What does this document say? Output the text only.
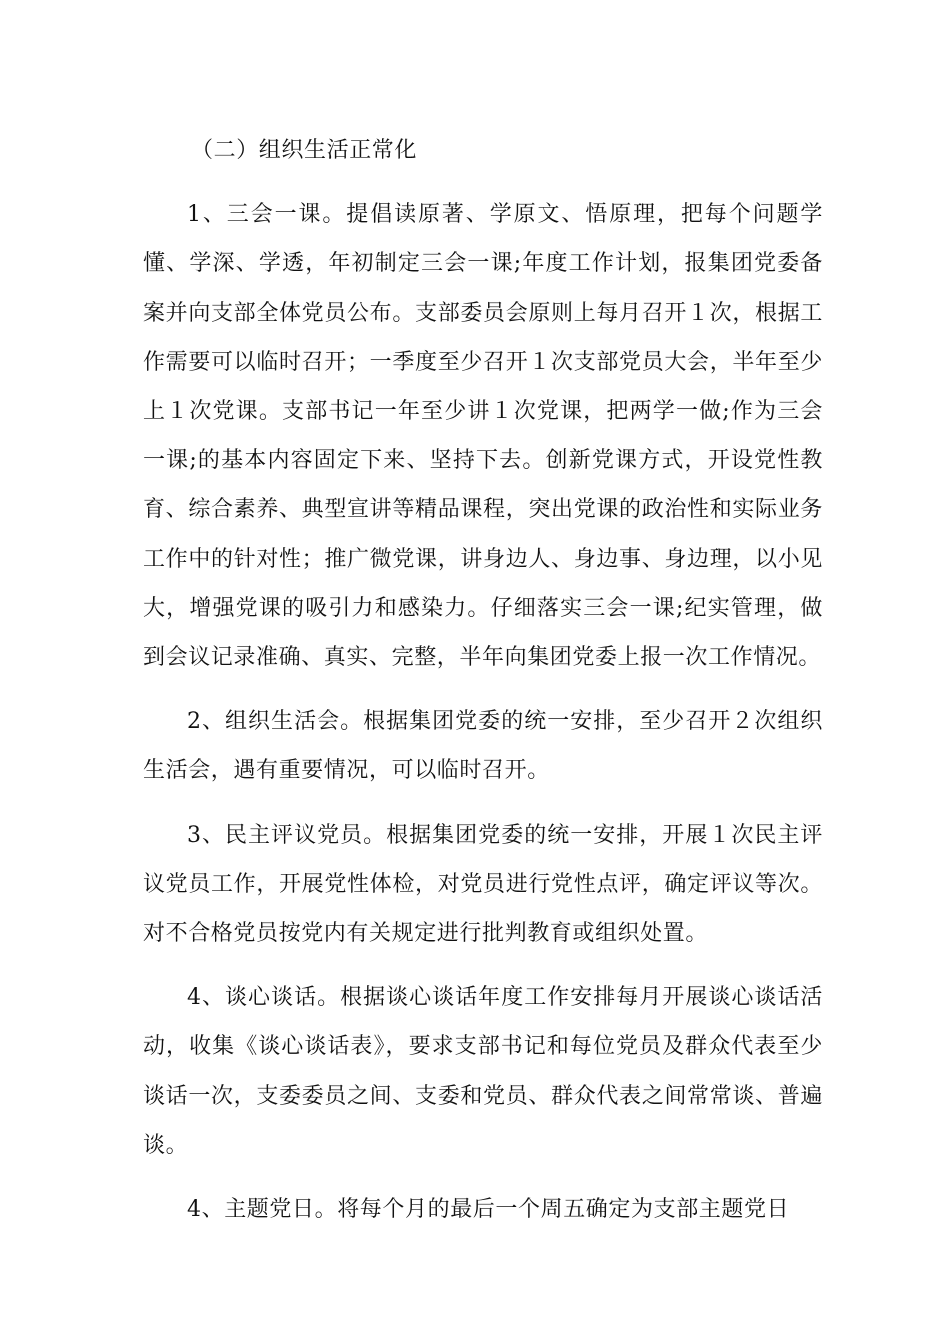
（二）组织生活正常化

1、三会一课。提倡读原著、学原文、悟原理，把每个问题学懂、学深、学透，年初制定三会一课;年度工作计划，报集团党委备案并向支部全体党员公布。支部委员会原则上每月召开１次，根据工作需要可以临时召开；一季度至少召开１次支部党员大会，半年至少上１次党课。支部书记一年至少讲１次党课，把两学一做;作为三会一课;的基本内容固定下来、坚持下去。创新党课方式，开设党性教育、综合素养、典型宣讲等精品课程，突出党课的政治性和实际业务工作中的针对性；推广微党课，讲身边人、身边事、身边理，以小见大，增强党课的吸引力和感染力。仔细落实三会一课;纪实管理，做到会议记录准确、真实、完整，半年向集团党委上报一次工作情况。

2、组织生活会。根据集团党委的统一安排，至少召开２次组织生活会，遇有重要情况，可以临时召开。

3、民主评议党员。根据集团党委的统一安排，开展１次民主评议党员工作，开展党性体检，对党员进行党性点评，确定评议等次。对不合格党员按党内有关规定进行批判教育或组织处置。

4、谈心谈话。根据谈心谈话年度工作安排每月开展谈心谈话活动，收集《谈心谈话表》，要求支部书记和每位党员及群众代表至少谈话一次，支委委员之间、支委和党员、群众代表之间常常谈、普遍谈。

4、主题党日。将每个月的最后一个周五确定为支部主题党日
